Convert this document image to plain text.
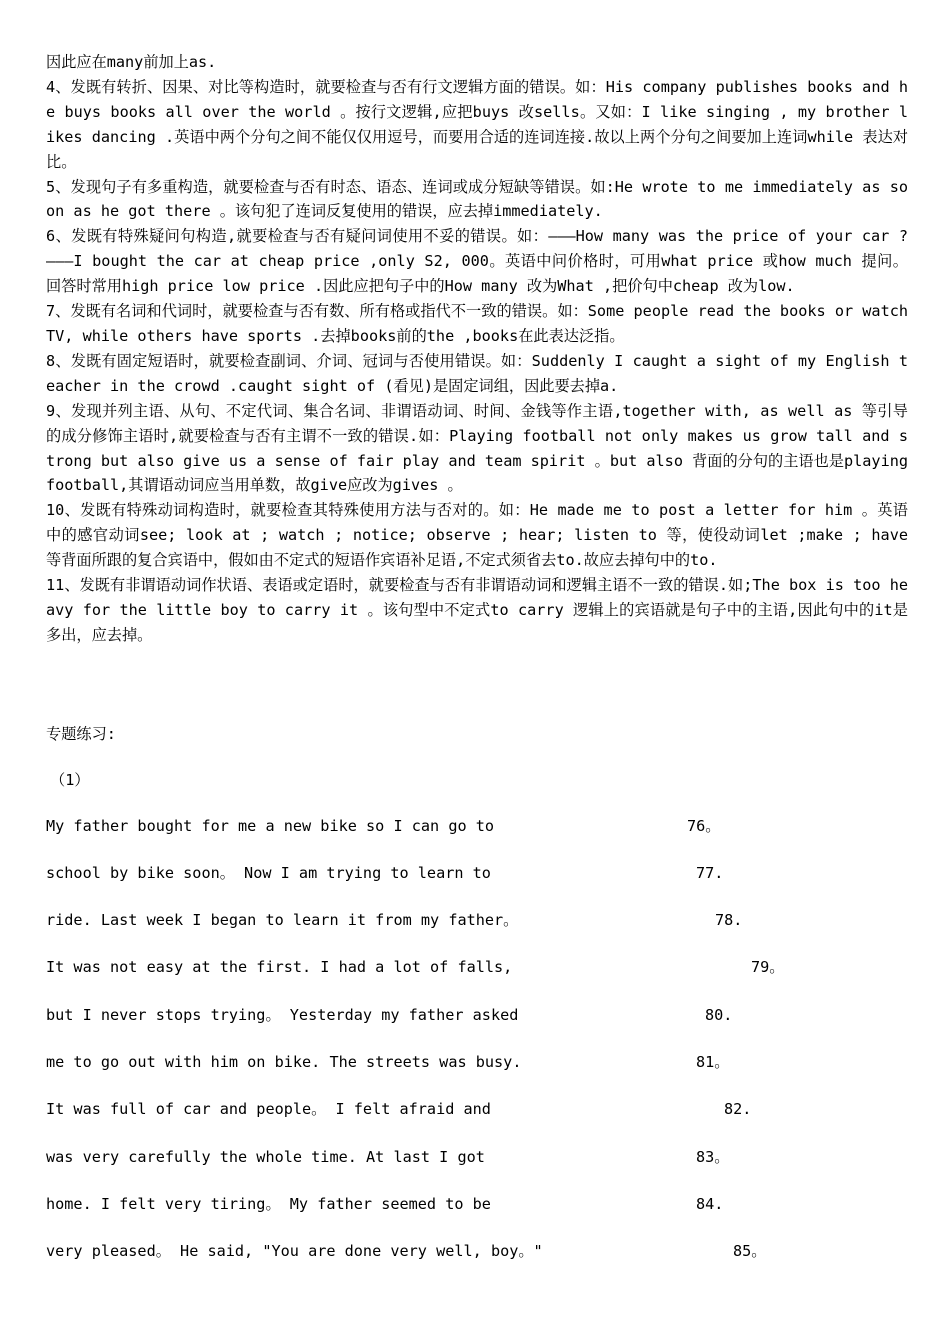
因此应在many前加上as.

4、发既有转折、因果、对比等构造时，就要检查与否有行文逻辑方面的错误。如：His company publishes books and he buys books all over the world 。按行文逻辑,应把buys 改sells。又如：I like singing , my brother likes dancing .英语中两个分句之间不能仅仅用逗号，而要用合适的连词连接.故以上两个分句之间要加上连词while 表达对比。

5、发现句子有多重构造，就要检查与否有时态、语态、连词或成分短缺等错误。如:He wrote to me immediately as soon as he got there 。该句犯了连词反复使用的错误，应去掉immediately.

6、发既有特殊疑问句构造,就要检查与否有疑问词使用不妥的错误。如：———How many was the price of your car ?———I bought the car at cheap price ,only S2, 000。英语中问价格时，可用what price 或how much 提问。回答时常用high price low price .因此应把句子中的How many 改为What ,把价句中cheap 改为low.

7、发既有名词和代词时，就要检查与否有数、所有格或指代不一致的错误。如：Some people read the books or watch TV, while others have sports .去掉books前的the ,books在此表达泛指。

8、发既有固定短语时，就要检查副词、介词、冠词与否使用错误。如：Suddenly I caught a sight of my English teacher in the crowd .caught sight of (看见)是固定词组，因此要去掉a.

9、发现并列主语、从句、不定代词、集合名词、非谓语动词、时间、金钱等作主语,together with, as well as 等引导的成分修饰主语时,就要检查与否有主谓不一致的错误.如：Playing football not only makes us grow tall and strong but also give us a sense of fair play and team spirit 。but also 背面的分句的主语也是playing football,其谓语动词应当用单数，故give应改为gives 。

10、发既有特殊动词构造时，就要检查其特殊使用方法与否对的。如：He made me to post a letter for him 。英语中的感官动词see; look at ; watch ; notice; observe ; hear; listen to 等，使役动词let ;make ; have 等背面所跟的复合宾语中，假如由不定式的短语作宾语补足语,不定式须省去to.故应去掉句中的to.

11、发既有非谓语动词作状语、表语或定语时，就要检查与否有非谓语动词和逻辑主语不一致的错误.如;The box is too heavy for the little boy to carry it 。该句型中不定式to carry 逻辑上的宾语就是句子中的主语,因此句中的it是多出，应去掉。

专题练习:
（1）
My father bought for me a new bike so I can go to	76。
school by bike soon。 Now I am trying to learn to	77.
ride. Last week I began to learn it from my father。	78.
It was not easy at the first. I had a lot of falls,	79。
but I never stops trying。 Yesterday my father asked	80.
me to go out with him on bike. The streets was busy.	81。
It was full of car and people。 I felt afraid and	82.
was very carefully the whole time. At last I got	83。
home. I felt very tiring。 My father seemed to be	84.
very pleased。 He said, "You are done very well, boy。"	85。
